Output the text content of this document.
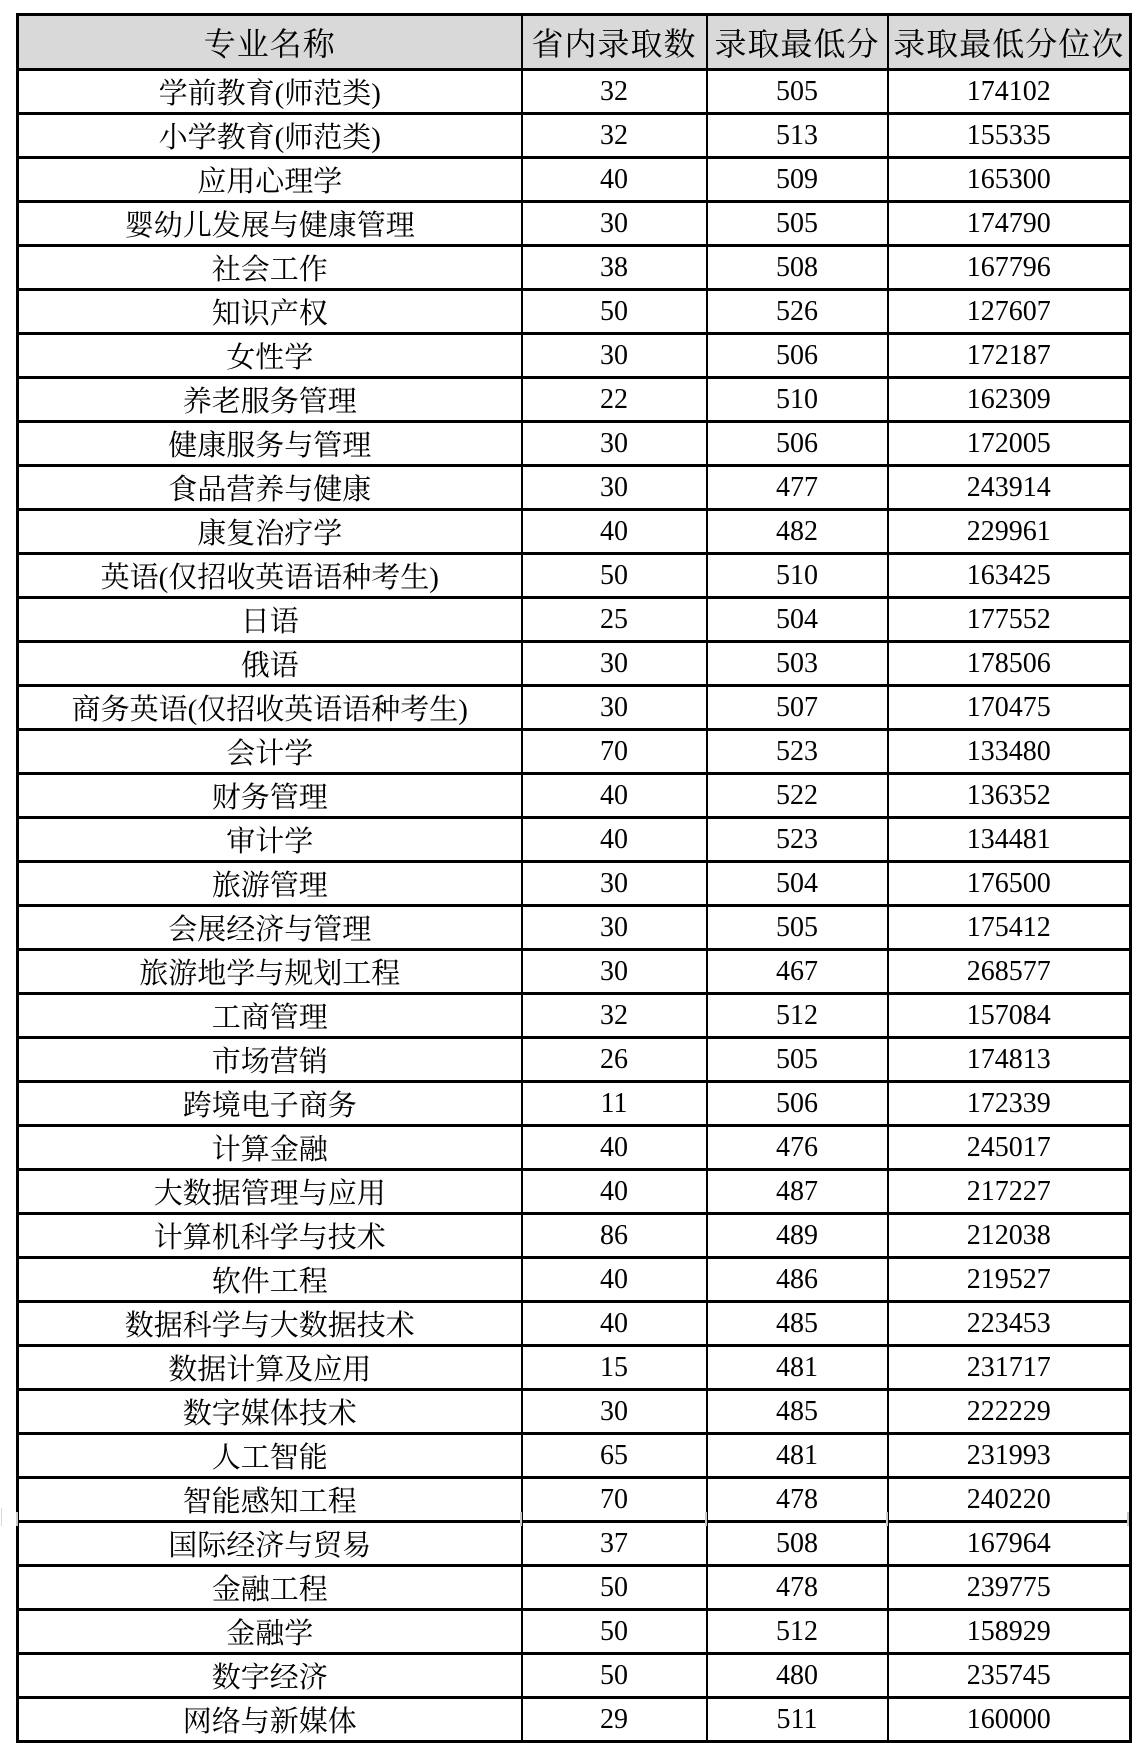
专业名称	省内录取数	录取最低分	录取最低分位次
学前教育(师范类)	32	505	174102
小学教育(师范类)	32	513	155335
应用心理学	40	509	165300
婴幼儿发展与健康管理	30	505	174790
社会工作	38	508	167796
知识产权	50	526	127607
女性学	30	506	172187
养老服务管理	22	510	162309
健康服务与管理	30	506	172005
食品营养与健康	30	477	243914
康复治疗学	40	482	229961
英语(仅招收英语语种考生)	50	510	163425
日语	25	504	177552
俄语	30	503	178506
商务英语(仅招收英语语种考生)	30	507	170475
会计学	70	523	133480
财务管理	40	522	136352
审计学	40	523	134481
旅游管理	30	504	176500
会展经济与管理	30	505	175412
旅游地学与规划工程	30	467	268577
工商管理	32	512	157084
市场营销	26	505	174813
跨境电子商务	11	506	172339
计算金融	40	476	245017
大数据管理与应用	40	487	217227
计算机科学与技术	86	489	212038
软件工程	40	486	219527
数据科学与大数据技术	40	485	223453
数据计算及应用	15	481	231717
数字媒体技术	30	485	222229
人工智能	65	481	231993
智能感知工程	70	478	240220
国际经济与贸易	37	508	167964
金融工程	50	478	239775
金融学	50	512	158929
数字经济	50	480	235745
网络与新媒体	29	511	160000
